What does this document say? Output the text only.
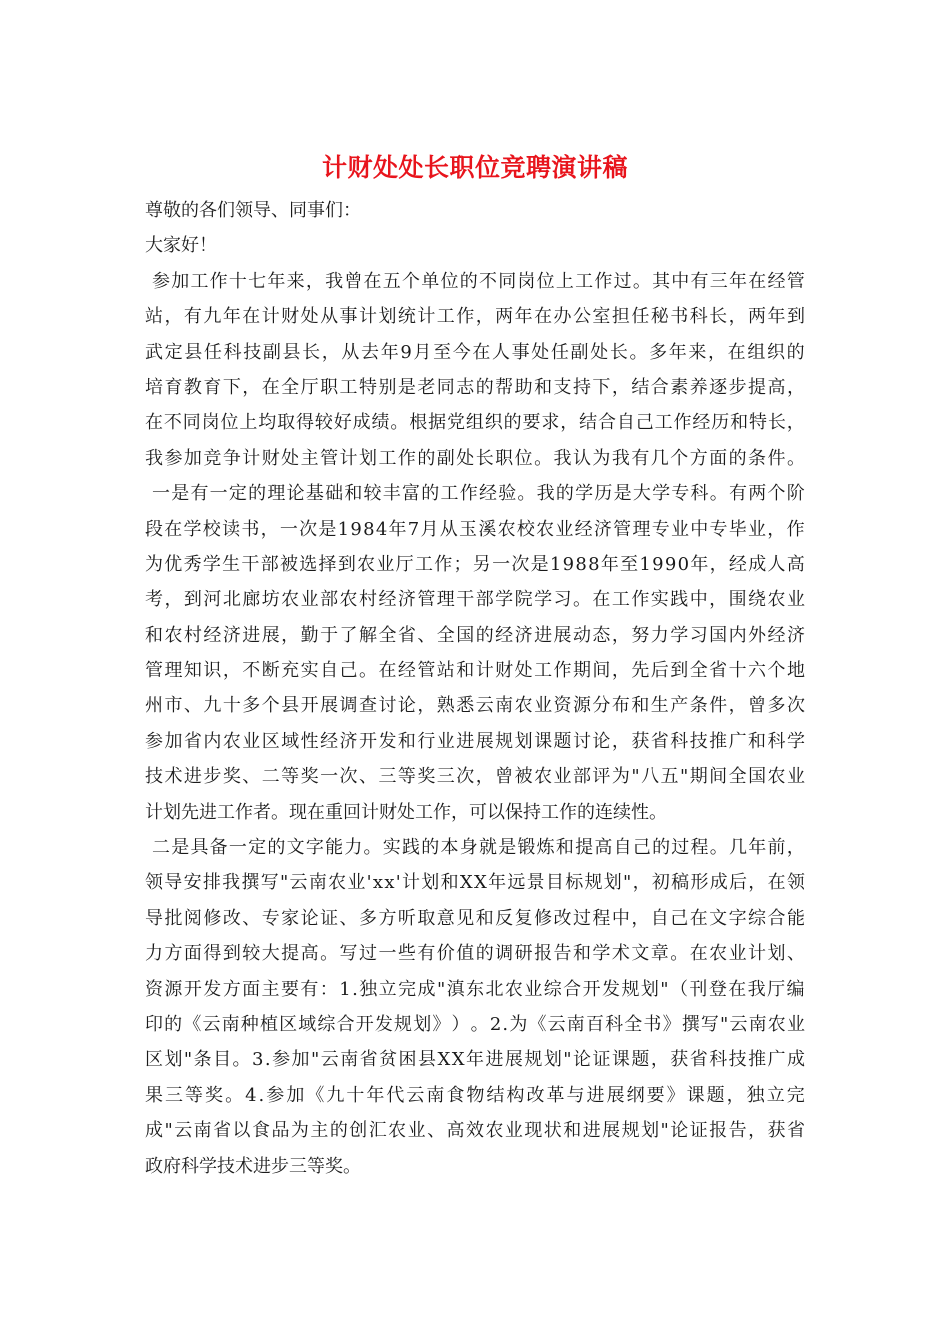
计财处处长职位竞聘演讲稿
尊敬的各们领导、同事们：
大家好！

参 加 工 作 十 七 年 来 ， 我 曾 在 五 个 单 位 的 不 同 岗 位 上 工 作 过 。 其 中 有 三 年 在 经 管
站 ， 有 九 年 在 计 财 处 从 事 计 划 统 计 工 作 ， 两 年 在 办 公 室 担 任 秘 书 科 长 ， 两 年 到
武 定 县 任 科 技 副 县 长 ， 从 去 年 9 月 至 今 在 人 事 处 任 副 处 长 。 多 年 来 ， 在 组 织 的
培 育 教 育 下 ， 在 全 厅 职 工 特 别 是 老 同 志 的 帮 助 和 支 持 下 ， 结 合 素 养 逐 步 提 高 ，
在 不 同 岗 位 上 均 取 得 较 好 成 绩 。 根 据 党 组 织 的 要 求 ， 结 合 自 己 工 作 经 历 和 特 长 ，
我 参 加 竞 争 计 财 处 主 管 计 划 工 作 的 副 处 长 职 位 。 我 认 为 我 有 几 个 方 面 的 条 件 。

一 是 有 一 定 的 理 论 基 础 和 较 丰 富 的 工 作 经 验 。 我 的 学 历 是 大 学 专 科 。 有 两 个 阶
段 在 学 校 读 书 ， 一 次 是 1 9 8 4 年 7 月 从 玉 溪 农 校 农 业 经 济 管 理 专 业 中 专 毕 业 ， 作
为 优 秀 学 生 干 部 被 选 择 到 农 业 厅 工 作 ； 另 一 次 是 1 9 8 8 年 至 1 9 9 0 年 ， 经 成 人 高
考 ， 到 河 北 廊 坊 农 业 部 农 村 经 济 管 理 干 部 学 院 学 习 。 在 工 作 实 践 中 ， 围 绕 农 业
和 农 村 经 济 进 展 ， 勤 于 了 解 全 省 、 全 国 的 经 济 进 展 动 态 ， 努 力 学 习 国 内 外 经 济
管 理 知 识 ， 不 断 充 实 自 己 。 在 经 管 站 和 计 财 处 工 作 期 间 ， 先 后 到 全 省 十 六 个 地
州 市 、 九 十 多 个 县 开 展 调 查 讨 论 ， 熟 悉 云 南 农 业 资 源 分 布 和 生 产 条 件 ， 曾 多 次
参 加 省 内 农 业 区 域 性 经 济 开 发 和 行 业 进 展 规 划 课 题 讨 论 ， 获 省 科 技 推 广 和 科 学
技 术 进 步 奖 、 二 等 奖 一 次 、 三 等 奖 三 次 ， 曾 被 农 业 部 评 为 " 八 五 " 期 间 全 国 农 业
计划先进工作者。现在重回计财处工作，可以保持工作的连续性。

二 是 具 备 一 定 的 文 字 能 力 。 实 践 的 本 身 就 是 锻 炼 和 提 高 自 己 的 过 程 。 几 年 前 ，
领 导 安 排 我 撰 写 " 云 南 农 业 ' x x ' 计 划 和 X X 年 远 景 目 标 规 划 " ， 初 稿 形 成 后 ， 在 领
导 批 阅 修 改 、 专 家 论 证 、 多 方 听 取 意 见 和 反 复 修 改 过 程 中 ， 自 己 在 文 字 综 合 能
力 方 面 得 到 较 大 提 高 。 写 过 一 些 有 价 值 的 调 研 报 告 和 学 术 文 章 。 在 农 业 计 划 、
资 源 开 发 方 面 主 要 有 ： 1 . 独 立 完 成 " 滇 东 北 农 业 综 合 开 发 规 划 " （ 刊 登 在 我 厅 编
印 的 《 云 南 种 植 区 域 综 合 开 发 规 划 》 ） 。 2 . 为 《 云 南 百 科 全 书 》 撰 写 " 云 南 农 业
区 划 " 条 目 。 3 . 参 加 " 云 南 省 贫 困 县 X X 年 进 展 规 划 " 论 证 课 题 ， 获 省 科 技 推 广 成
果 三 等 奖 。 4 . 参 加 《 九 十 年 代 云 南 食 物 结 构 改 革 与 进 展 纲 要 》 课 题 ， 独 立 完
成 " 云 南 省 以 食 品 为 主 的 创 汇 农 业 、 高 效 农 业 现 状 和 进 展 规 划 " 论 证 报 告 ， 获 省
政府科学技术进步三等奖。
